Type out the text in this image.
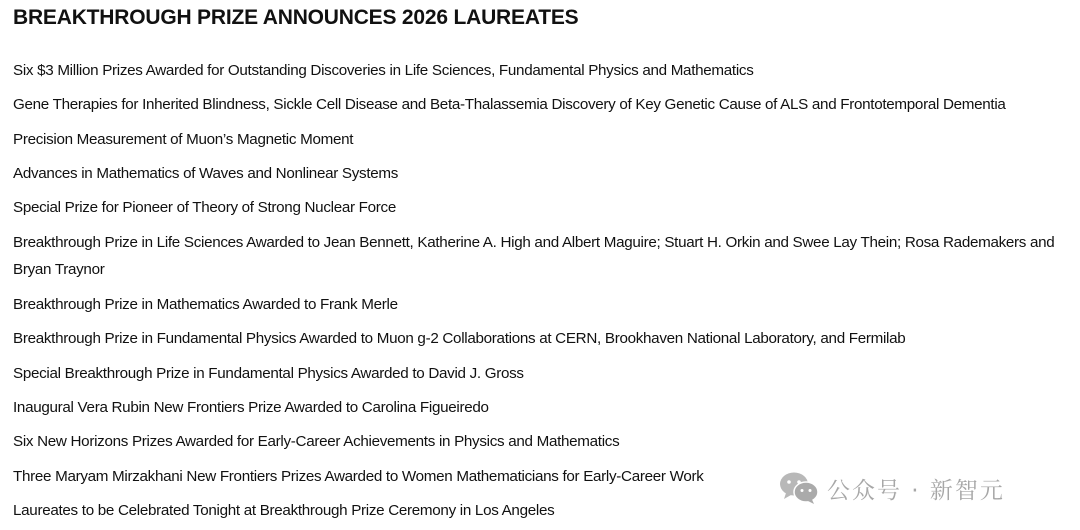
BREAKTHROUGH PRIZE ANNOUNCES 2026 LAUREATES
Six $3 Million Prizes Awarded for Outstanding Discoveries in Life Sciences, Fundamental Physics and Mathematics
Gene Therapies for Inherited Blindness, Sickle Cell Disease and Beta-Thalassemia Discovery of Key Genetic Cause of ALS and Frontotemporal Dementia
Precision Measurement of Muon’s Magnetic Moment
Advances in Mathematics of Waves and Nonlinear Systems
Special Prize for Pioneer of Theory of Strong Nuclear Force
Breakthrough Prize in Life Sciences Awarded to Jean Bennett, Katherine A. High and Albert Maguire; Stuart H. Orkin and Swee Lay Thein; Rosa Rademakers and
Bryan Traynor
Breakthrough Prize in Mathematics Awarded to Frank Merle
Breakthrough Prize in Fundamental Physics Awarded to Muon g-2 Collaborations at CERN, Brookhaven National Laboratory, and Fermilab
Special Breakthrough Prize in Fundamental Physics Awarded to David J. Gross
Inaugural Vera Rubin New Frontiers Prize Awarded to Carolina Figueiredo
Six New Horizons Prizes Awarded for Early-Career Achievements in Physics and Mathematics
Three Maryam Mirzakhani New Frontiers Prizes Awarded to Women Mathematicians for Early-Career Work
Laureates to be Celebrated Tonight at Breakthrough Prize Ceremony in Los Angeles
公众号 · 新智元
